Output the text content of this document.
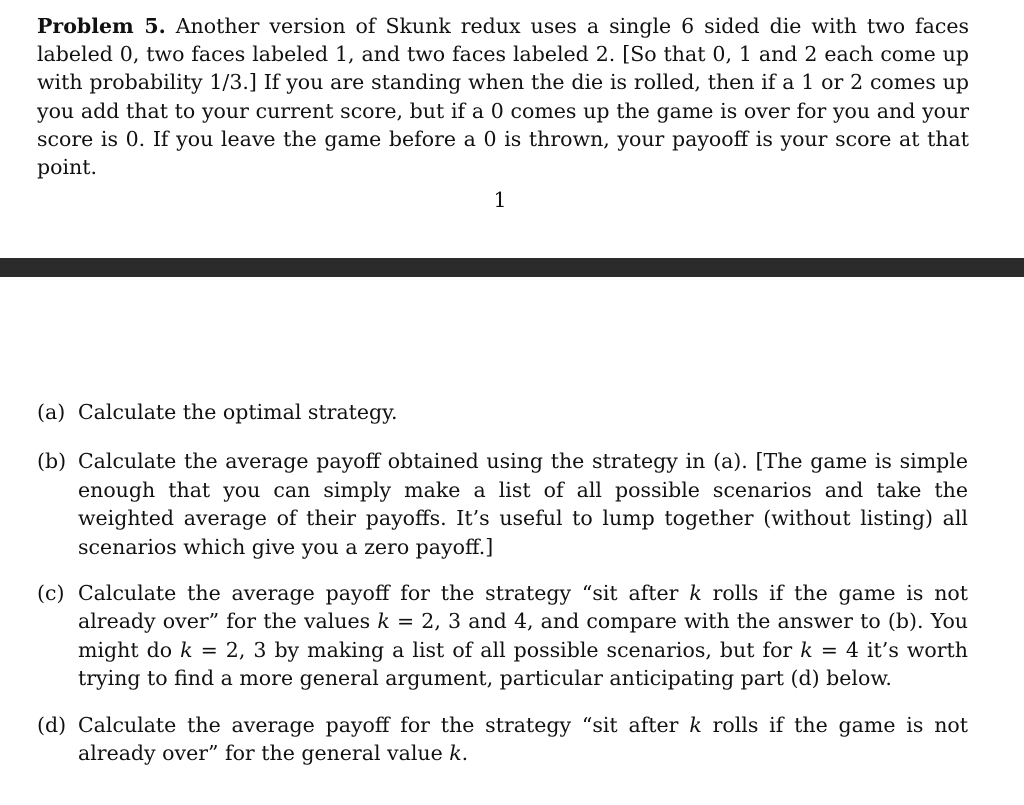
Problem 5. Another version of Skunk redux uses a single 6 sided die with two faces labeled 0, two faces labeled 1, and two faces labeled 2. [So that 0, 1 and 2 each come up with probability 1/3.] If you are standing when the die is rolled, then if a 1 or 2 comes up you add that to your current score, but if a 0 comes up the game is over for you and your score is 0. If you leave the game before a 0 is thrown, your payooff is your score at that point.

1

(a) Calculate the optimal strategy.

(b) Calculate the average payoff obtained using the strategy in (a). [The game is simple enough that you can simply make a list of all possible scenarios and take the weighted average of their payoffs. It’s useful to lump together (without listing) all scenarios which give you a zero payoff.]

(c) Calculate the average payoff for the strategy “sit after k rolls if the game is not already over” for the values k = 2, 3 and 4, and compare with the answer to (b). You might do k = 2, 3 by making a list of all possible scenarios, but for k = 4 it’s worth trying to find a more general argument, particular anticipating part (d) below.

(d) Calculate the average payoff for the strategy “sit after k rolls if the game is not already over” for the general value k.
